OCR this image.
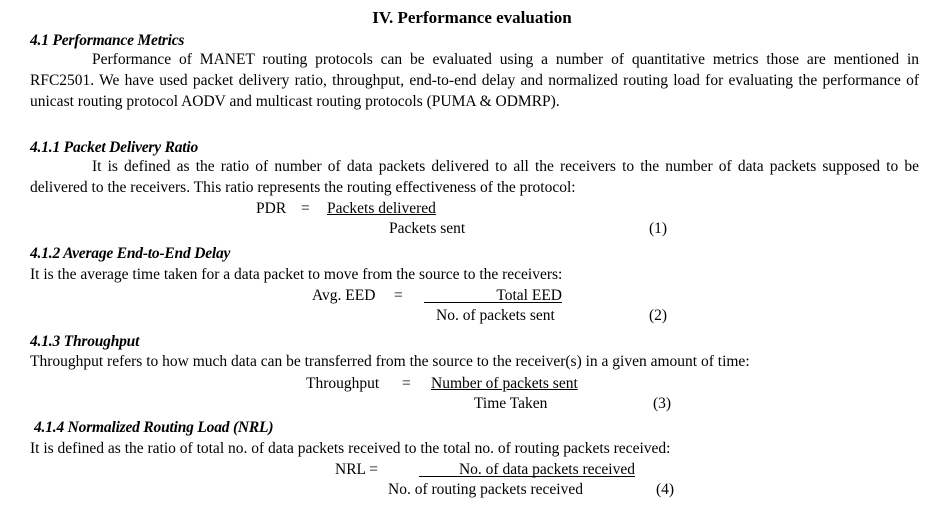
IV. Performance evaluation
4.1 Performance Metrics
Performance of MANET routing protocols can be evaluated using a number of quantitative metrics those are mentioned in RFC2501. We have used packet delivery ratio, throughput, end-to-end delay and normalized routing load for evaluating the performance of unicast routing protocol AODV and multicast routing protocols (PUMA & ODMRP).
4.1.1 Packet Delivery Ratio
It is defined as the ratio of number of data packets delivered to all the receivers to the number of data packets supposed to be delivered to the receivers. This ratio represents the routing effectiveness of the protocol:
PDR = Packets delivered
Packets sent	(1)
4.1.2 Average End-to-End Delay
It is the average time taken for a data packet to move from the source to the receivers:
Avg. EED =	Total EED
No. of packets sent	(2)
4.1.3 Throughput
Throughput refers to how much data can be transferred from the source to the receiver(s) in a given amount of time:
Throughput = Number of packets sent
Time Taken	(3)
4.1.4 Normalized Routing Load (NRL)
It is defined as the ratio of total no. of data packets received to the total no. of routing packets received:
NRL =	No. of data packets received
No. of routing packets received	(4)
